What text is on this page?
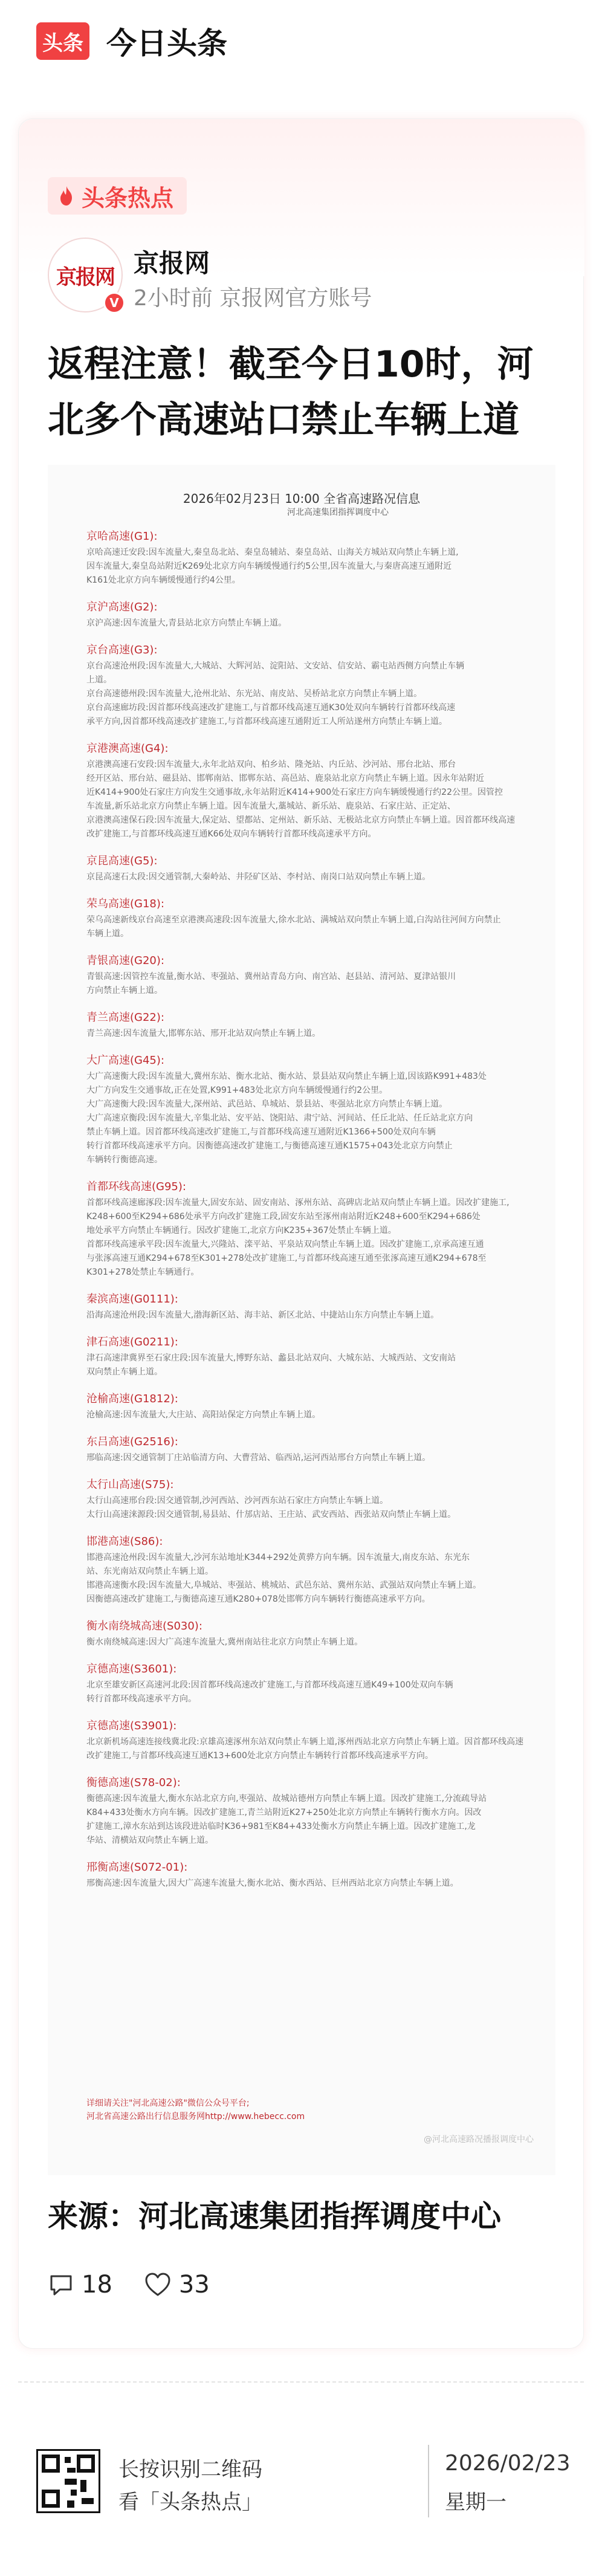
头条 今日头条
头条热点
京报网
V
京报网
2小时前 京报网官方账号
返程注意！截至今日10时，河北多个高速站口禁止车辆上道
2026年02月23日 10:00 全省高速路况信息
河北高速集团指挥调度中心
京哈高速(G1):
京哈高速迁安段:因车流量大,秦皇岛北站、秦皇岛辅站、秦皇岛站、山海关方城站双向禁止车辆上道,
因车流量大,秦皇岛站附近K269处北京方向车辆缓慢通行约5公里,因车流量大,与秦唐高速互通附近
K161处北京方向车辆缓慢通行约4公里。
京沪高速(G2):
京沪高速:因车流量大,青县站北京方向禁止车辆上道。
京台高速(G3):
京台高速沧州段:因车流量大,大城站、大辉河站、淀阳站、文安站、信安站、霸屯站西侧方向禁止车辆
上道。
京台高速德州段:因车流量大,沧州北站、东光站、南皮站、吴桥站北京方向禁止车辆上道。
京台高速廊坊段:因首都环线高速改扩建施工,与首都环线高速互通K30处双向车辆转行首都环线高速
承平方向,因首都环线高速改扩建施工,与首都环线高速互通附近工人所站遂州方向禁止车辆上道。
京港澳高速(G4):
京港澳高速石安段:因车流量大,永年北站双向、柏乡站、隆尧站、内丘站、沙河站、邢台北站、邢台
经开区站、邢台站、磁县站、邯郸南站、邯郸东站、高邑站、鹿泉站北京方向禁止车辆上道。因永年站附近
近K414+900处石家庄方向发生交通事故,永年站附近K414+900处石家庄方向车辆缓慢通行约22公里。因管控
车流量,新乐站北京方向禁止车辆上道。因车流量大,藁城站、新乐站、鹿泉站、石家庄站、正定站、
京港澳高速保石段:因车流量大,保定站、望都站、定州站、新乐站、无极站北京方向禁止车辆上道。因首都环线高速
改扩建施工,与首都环线高速互通K66处双向车辆转行首都环线高速承平方向。
京昆高速(G5):
京昆高速石太段:因交通管制,大秦岭站、井陉矿区站、李村站、南岗口站双向禁止车辆上道。
荣乌高速(G18):
荣乌高速新线京台高速至京港澳高速段:因车流量大,徐水北站、满城站双向禁止车辆上道,白沟站往河间方向禁止
车辆上道。
青银高速(G20):
青银高速:因管控车流量,衡水站、枣强站、冀州站青岛方向、南宫站、赵县站、清河站、夏津站银川
方向禁止车辆上道。
青兰高速(G22):
青兰高速:因车流量大,邯郸东站、邢开北站双向禁止车辆上道。
大广高速(G45):
大广高速衡大段:因车流量大,冀州东站、衡水北站、衡水站、景县站双向禁止车辆上道,因该路K991+483处
大广方向发生交通事故,正在处置,K991+483处北京方向车辆缓慢通行约2公里。
大广高速衡大段:因车流量大,深州站、武邑站、阜城站、景县站、枣强站北京方向禁止车辆上道。
大广高速京衡段:因车流量大,辛集北站、安平站、饶阳站、肃宁站、河间站、任丘北站、任丘站北京方向
禁止车辆上道。因首都环线高速改扩建施工,与首都环线高速互通附近K1366+500处双向车辆
转行首都环线高速承平方向。因衡德高速改扩建施工,与衡德高速互通K1575+043处北京方向禁止
车辆转行衡德高速。
首都环线高速(G95):
首都环线高速廊涿段:因车流量大,固安东站、固安南站、涿州东站、高碑店北站双向禁止车辆上道。因改扩建施工,
K248+600至K294+686处承平方向改扩建施工段,固安东站至涿州南站附近K248+600至K294+686处
地处承平方向禁止车辆通行。因改扩建施工,北京方向K235+367处禁止车辆上道。
首都环线高速承平段:因车流量大,兴隆站、滦平站、平泉站双向禁止车辆上道。因改扩建施工,京承高速互通
与张涿高速互通K294+678至K301+278处改扩建施工,与首都环线高速互通至张涿高速互通K294+678至
K301+278处禁止车辆通行。
秦滨高速(G0111):
沿海高速沧州段:因车流量大,渤海新区站、海丰站、新区北站、中捷站山东方向禁止车辆上道。
津石高速(G0211):
津石高速津冀界至石家庄段:因车流量大,博野东站、蠡县北站双向、大城东站、大城西站、文安南站
双向禁止车辆上道。
沧榆高速(G1812):
沧榆高速:因车流量大,大庄站、高阳站保定方向禁止车辆上道。
东吕高速(G2516):
邢临高速:因交通管制丁庄站临清方向、大曹营站、临西站,运河西站邢台方向禁止车辆上道。
太行山高速(S75):
太行山高速邢台段:因交通管制,沙河西站、沙河西东站石家庄方向禁止车辆上道。
太行山高速涞源段:因交通管制,易县站、什邡店站、王庄站、武安西站、西张站双向禁止车辆上道。
邯港高速(S86):
邯港高速沧州段:因车流量大,沙河东站地址K344+292处黄骅方向车辆。因车流量大,南皮东站、东光东
站、东光南站双向禁止车辆上道。
邯港高速衡水段:因车流量大,阜城站、枣强站、桃城站、武邑东站、冀州东站、武强站双向禁止车辆上道。
因衡德高速改扩建施工,与衡德高速互通K280+078处邯郸方向车辆转行衡德高速承平方向。
衡水南绕城高速(S030):
衡水南绕城高速:因大广高速车流量大,冀州南站往北京方向禁止车辆上道。
京德高速(S3601):
北京至雄安新区高速河北段:因首都环线高速改扩建施工,与首都环线高速互通K49+100处双向车辆
转行首都环线高速承平方向。
京德高速(S3901):
北京新机场高速连接线冀北段:京雄高速涿州东站双向禁止车辆上道,涿州西站北京方向禁止车辆上道。因首都环线高速
改扩建施工,与首都环线高速互通K13+600处北京方向禁止车辆转行首都环线高速承平方向。
衡德高速(S78-02):
衡德高速:因车流量大,衡水东站北京方向,枣强站、故城站德州方向禁止车辆上道。因改扩建施工,分流疏导站
K84+433处衡水方向车辆。因改扩建施工,青兰站附近K27+250处北京方向禁止车辆转行衡水方向。因改
扩建施工,漳水东站到达该段进站临时K36+981至K84+433处衡水方向禁止车辆上道。因改扩建施工,龙
华站、清横站双向禁止车辆上道。
邢衡高速(S072-01):
邢衡高速:因车流量大,因大广高速车流量大,衡水北站、衡水西站、巨州西站北京方向禁止车辆上道。
详细请关注"河北高速公路"微信公众号平台;
河北省高速公路出行信息服务网http://www.hebecc.com
@河北高速路况播报调度中心
来源：河北高速集团指挥调度中心
18	33
长按识别二维码
看「头条热点」
2026/02/23
星期一
